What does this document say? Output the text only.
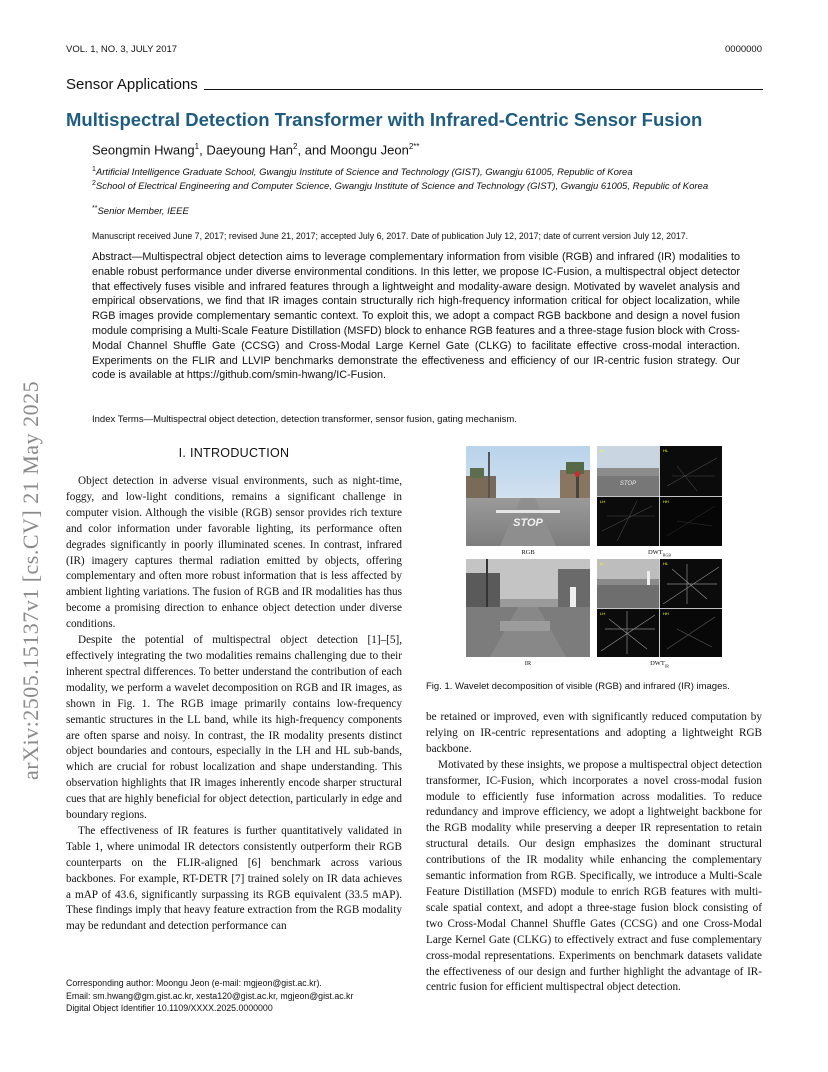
VOL. 1, NO. 3, JULY 2017	0000000
Sensor Applications
Multispectral Detection Transformer with Infrared-Centric Sensor Fusion
Seongmin Hwang$^1$, Daeyoung Han$^2$, and Moongu Jeon$^{2**}$
$^1$Artificial Intelligence Graduate School, Gwangju Institute of Science and Technology (GIST), Gwangju 61005, Republic of Korea
$^2$School of Electrical Engineering and Computer Science, Gwangju Institute of Science and Technology (GIST), Gwangju 61005, Republic of Korea
**Senior Member, IEEE
Manuscript received June 7, 2017; revised June 21, 2017; accepted July 6, 2017. Date of publication July 12, 2017; date of current version July 12, 2017.
Abstract—Multispectral object detection aims to leverage complementary information from visible (RGB) and infrared (IR) modalities to enable robust performance under diverse environmental conditions. In this letter, we propose IC-Fusion, a multispectral object detector that effectively fuses visible and infrared features through a lightweight and modality-aware design. Motivated by wavelet analysis and empirical observations, we find that IR images contain structurally rich high-frequency information critical for object localization, while RGB images provide complementary semantic context. To exploit this, we adopt a compact RGB backbone and design a novel fusion module comprising a Multi-Scale Feature Distillation (MSFD) block to enhance RGB features and a three-stage fusion block with Cross-Modal Channel Shuffle Gate (CCSG) and Cross-Modal Large Kernel Gate (CLKG) to facilitate effective cross-modal interaction. Experiments on the FLIR and LLVIP benchmarks demonstrate the effectiveness and efficiency of our IR-centric fusion strategy. Our code is available at https://github.com/smin-hwang/IC-Fusion.
Index Terms—Multispectral object detection, detection transformer, sensor fusion, gating mechanism.
arXiv:2505.15137v1 [cs.CV] 21 May 2025	I. INTRODUCTION

Object detection in adverse visual environments, such as night-time, foggy, and low-light conditions, remains a significant challenge in computer vision. Although the visible (RGB) sensor provides rich texture and color information under favorable lighting, its performance often degrades significantly in poorly illuminated scenes. In contrast, infrared (IR) imagery captures thermal radiation emitted by objects, offering complementary and often more robust information that is less affected by ambient lighting variations. The fusion of RGB and IR modalities has thus become a promising direction to enhance object detection under diverse conditions.

Despite the potential of multispectral object detection [1]–[5], effectively integrating the two modalities remains challenging due to their inherent spectral differences. To better understand the contribution of each modality, we perform a wavelet decomposition on RGB and IR images, as shown in Fig. 1. The RGB image primarily contains low-frequency semantic structures in the LL band, while its high-frequency components are often sparse and noisy. In contrast, the IR modality presents distinct object boundaries and contours, especially in the LH and HL sub-bands, which are crucial for robust localization and shape understanding. This observation highlights that IR images inherently encode sharper structural cues that are highly beneficial for object detection, particularly in edge and boundary regions.

The effectiveness of IR features is further quantitatively validated in Table 1, where unimodal IR detectors consistently outperform their RGB counterparts on the FLIR-aligned [6] benchmark across various backbones. For example, RT-DETR [7] trained solely on IR data achieves a mAP of 43.6, significantly surpassing its RGB equivalent (33.5 mAP). These findings imply that heavy feature extraction from the RGB modality may be redundant and detection performance can

Corresponding author: Moongu Jeon (e-mail: mgjeon@gist.ac.kr).
Email: sm.hwang@gm.gist.ac.kr, xesta120@gist.ac.kr, mgjeon@gist.ac.kr
Digital Object Identifier 10.1109/XXXX.2025.0000000
STOP
STOP
LL	HL
LH	HH
RGB	$DWT_{RGB}$
LL	HL
LH	HH
IR	$DWT_{IR}$
Fig. 1. Wavelet decomposition of visible (RGB) and infrared (IR) images.

be retained or improved, even with significantly reduced computation by relying on IR-centric representations and adopting a lightweight RGB backbone.

Motivated by these insights, we propose a multispectral object detection transformer, IC-Fusion, which incorporates a novel cross-modal fusion module to efficiently fuse information across modalities. To reduce redundancy and improve efficiency, we adopt a lightweight backbone for the RGB modality while preserving a deeper IR representation to retain structural details. Our design emphasizes the dominant structural contributions of the IR modality while enhancing the complementary semantic information from RGB. Specifically, we introduce a Multi-Scale Feature Distillation (MSFD) module to enrich RGB features with multi-scale spatial context, and adopt a three-stage fusion block consisting of two Cross-Modal Channel Shuffle Gates (CCSG) and one Cross-Modal Large Kernel Gate (CLKG) to effectively extract and fuse complementary cross-modal representations. Experiments on benchmark datasets validate the effectiveness of our design and further highlight the advantage of IR-centric fusion for efficient multispectral object detection.
